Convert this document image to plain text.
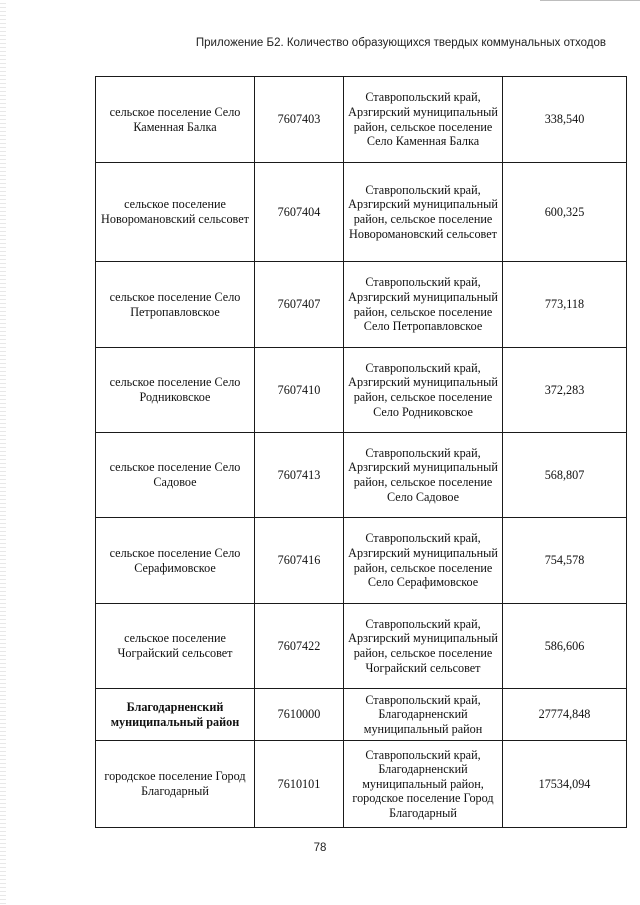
Приложение Б2. Количество образующихся твердых коммунальных отходов
сельское поселение Село Каменная Балка	7607403	Ставропольский край, Арзгирский муниципальный район, сельское поселение Село Каменная Балка	338,540
сельское поселение Новоромановский сельсовет	7607404	Ставропольский край, Арзгирский муниципальный район, сельское поселение Новоромановский сельсовет	600,325
сельское поселение Село Петропавловское	7607407	Ставропольский край, Арзгирский муниципальный район, сельское поселение Село Петропавловское	773,118
сельское поселение Село Родниковское	7607410	Ставропольский край, Арзгирский муниципальный район, сельское поселение Село Родниковское	372,283
сельское поселение Село Садовое	7607413	Ставропольский край, Арзгирский муниципальный район, сельское поселение Село Садовое	568,807
сельское поселение Село Серафимовское	7607416	Ставропольский край, Арзгирский муниципальный район, сельское поселение Село Серафимовское	754,578
сельское поселение Чограйский сельсовет	7607422	Ставропольский край, Арзгирский муниципальный район, сельское поселение Чограйский сельсовет	586,606
Благодарненский муниципальный район	7610000	Ставропольский край, Благодарненский муниципальный район	27774,848
городское поселение Город Благодарный	7610101	Ставропольский край, Благодарненский муниципальный район, городское поселение Город Благодарный	17534,094
78
